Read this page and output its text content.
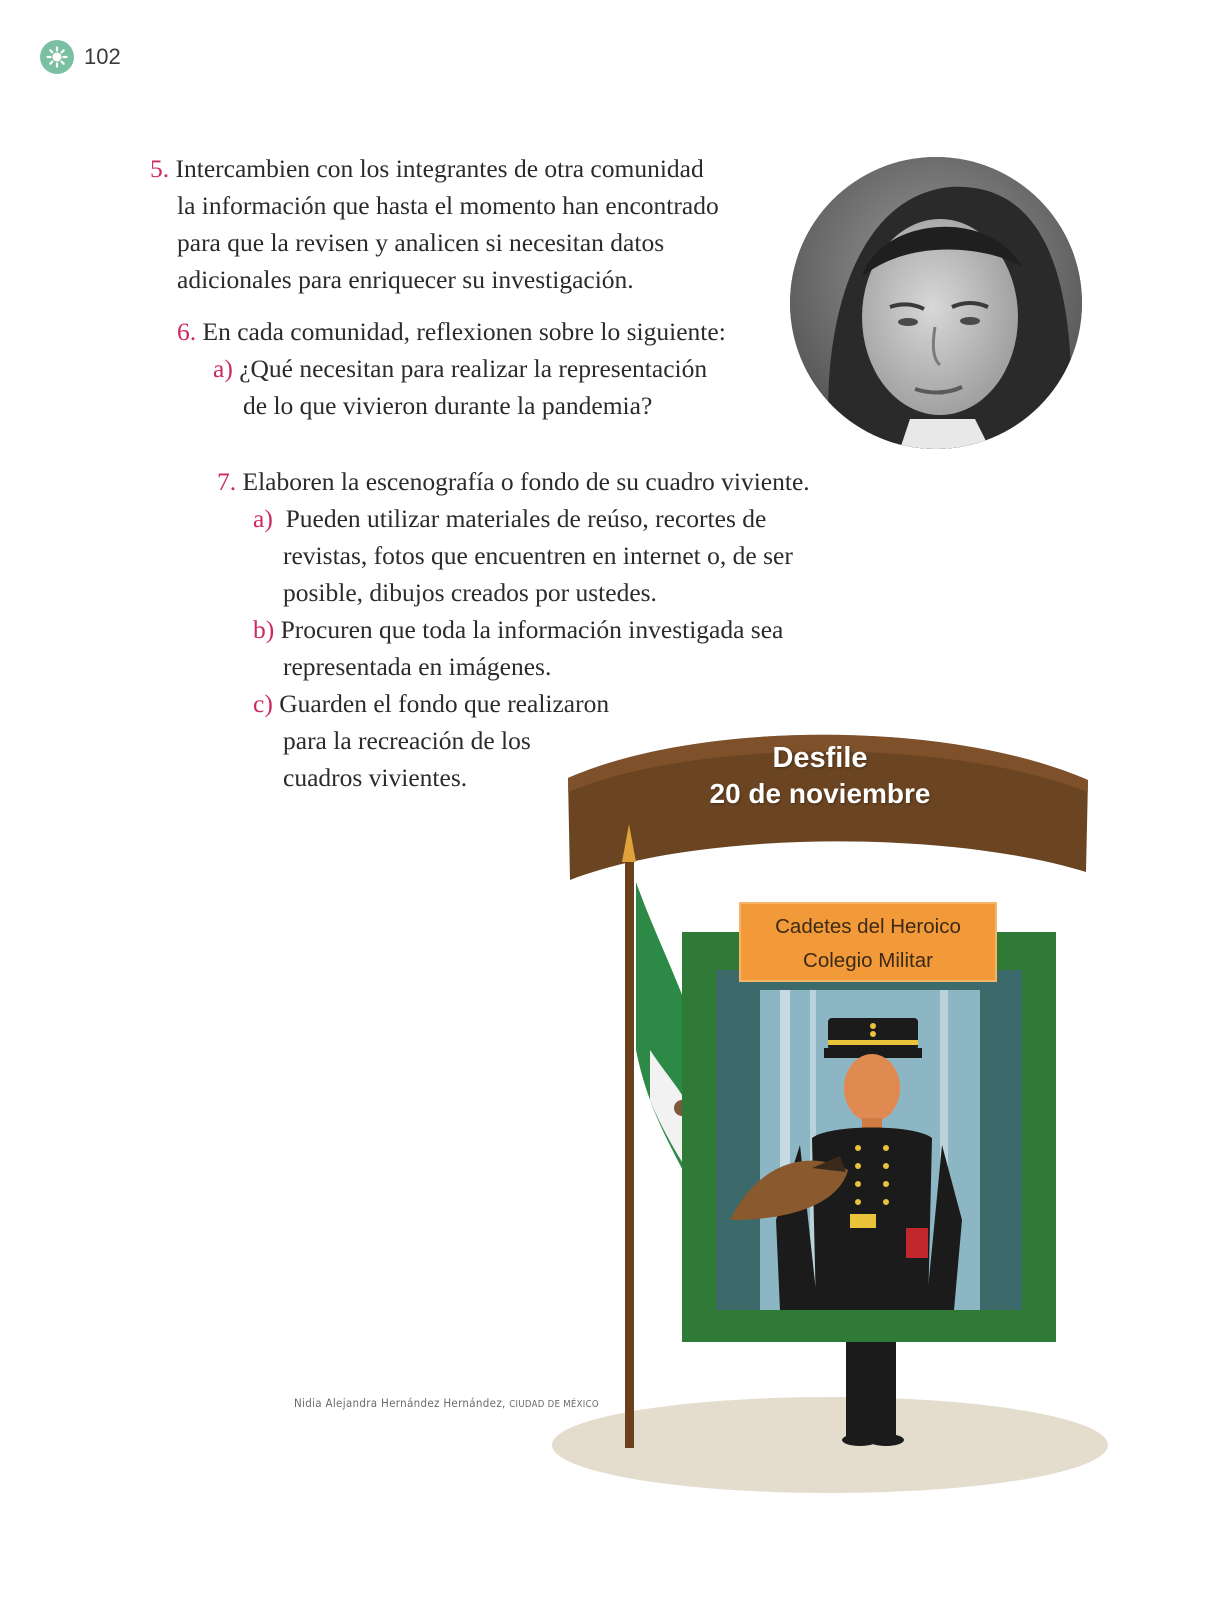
102
5. Intercambien con los integrantes de otra comunidad
la información que hasta el momento han encontrado
para que la revisen y analicen si necesitan datos
adicionales para enriquecer su investigación.
6. En cada comunidad, reflexionen sobre lo siguiente:
a) ¿Qué necesitan para realizar la representación
de lo que vivieron durante la pandemia?
7. Elaboren la escenografía o fondo de su cuadro viviente.
a) Pueden utilizar materiales de reúso, recortes de
revistas, fotos que encuentren en internet o, de ser
posible, dibujos creados por ustedes.
b) Procuren que toda la información investigada sea
representada en imágenes.
c) Guarden el fondo que realizaron
para la recreación de los
cuadros vivientes.
Desfile
20 de noviembre
Cadetes del Heroico
Colegio Militar
Nidia Alejandra Hernández Hernández, CIUDAD DE MÉXICO
